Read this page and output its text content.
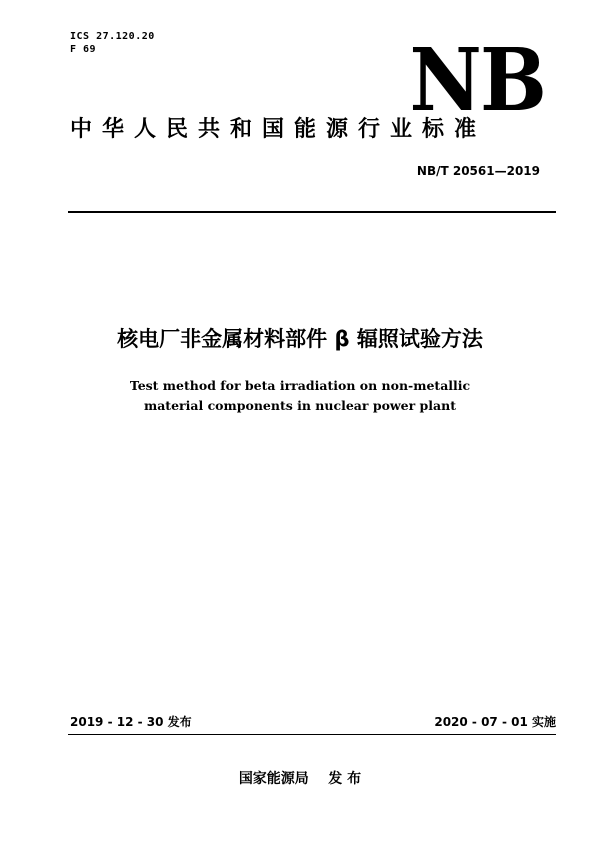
ICS 27.120.20
F 69	NB
中华人民共和国能源行业标准
NB/T 20561—2019
核电厂非金属材料部件 β 辐照试验方法
Test method for beta irradiation on non-metallic
material components in nuclear power plant
2019 - 12 - 30 发布	2020 - 07 - 01 实施
国家能源局    发 布
